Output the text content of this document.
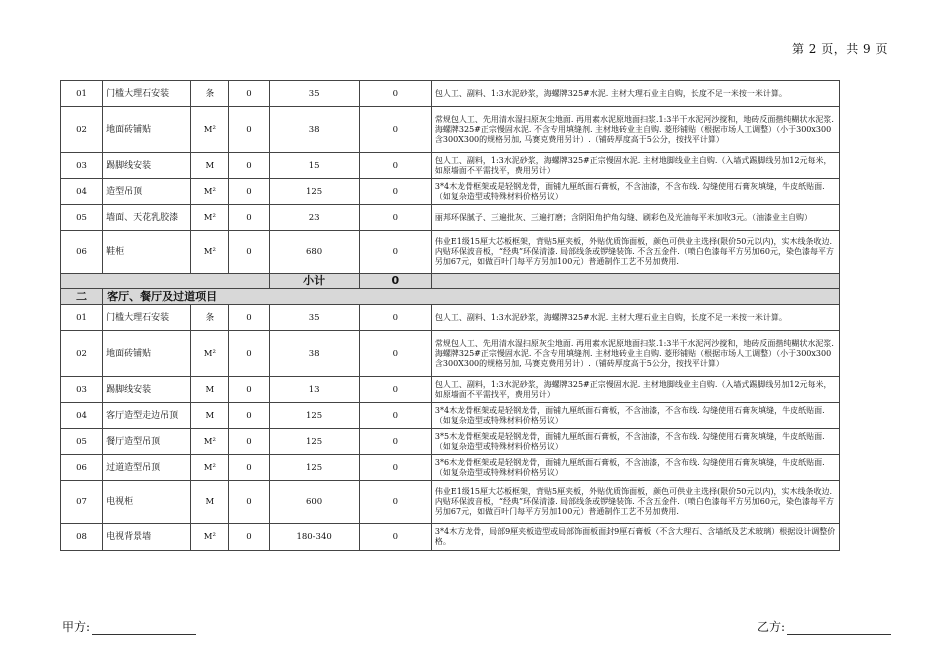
第 2 页，共 9 页
01	门槛大理石安装	条	0	35	0	包人工、副料、1:3水泥砂浆，海螺牌325#水泥. 主材大理石业主自购，长度不足一米按一米计算。
02	地面砖铺贴	M²	0	38	0	常规包人工、先用清水湿扫原灰尘地面. 再用素水泥原地面扫浆.1:3半干水泥河沙搅和，地砖反面揩纯糊状水泥浆. 海螺牌325#正宗慢固水泥. 不含专用填缝剂. 主材地砖业主自购. 菱形铺贴（根据市场人工调整）（小于300x300含300X300的规格另加, 马赛克费用另计）.（铺砖厚度高于5公分，按找平计算）
03	踢脚线安装	M	0	15	0	包人工、副料，1:3水泥砂浆，海螺牌325#正宗慢固水泥. 主材地脚线业主自购.（入墙式踢脚线另加12元每米，如原墙面不平需找平，费用另计）
04	造型吊顶	M²	0	125	0	3*4木龙骨框架或是轻钢龙骨，面铺九厘纸面石膏板，不含油漆，不含布线. 勾缝使用石膏灰填缝，牛皮纸贴面.（如复杂造型或特殊材料价格另议）
05	墙面、天花乳胶漆	M²	0	23	0	丽邦环保腻子、三遍批灰、三遍打磨；含阴阳角护角勾缝、刷彩色及光油每平米加收3元。（油漆业主自购）
06	鞋柜	M²	0	680	0	伟业E1级15厘大芯板框架，背贴5厘夹板，外贴优质饰面板，颜色可供业主选择(限价50元以内)，实木线条收边. 内贴环保波音板，“经典”环保清漆. 局部线条或锣缝装饰. 不含五金件.（喷白色漆每平方另加60元，染色漆每平方另加67元，如做百叶门每平方另加100元）普通制作工艺不另加费用.
				小计	0	
二	客厅、餐厅及过道项目					
01	门槛大理石安装	条	0	35	0	包人工、副料、1:3水泥砂浆，海螺牌325#水泥. 主材大理石业主自购，长度不足一米按一米计算。
02	地面砖铺贴	M²	0	38	0	常规包人工、先用清水湿扫原灰尘地面. 再用素水泥原地面扫浆.1:3半干水泥河沙搅和，地砖反面揩纯糊状水泥浆. 海螺牌325#正宗慢固水泥. 不含专用填缝剂. 主材地砖业主自购. 菱形铺贴（根据市场人工调整）（小于300x300含300X300的规格另加, 马赛克费用另计）.（铺砖厚度高于5公分，按找平计算）
03	踢脚线安装	M	0	13	0	包人工、副料，1:3水泥砂浆，海螺牌325#正宗慢固水泥. 主材地脚线业主自购.（入墙式踢脚线另加12元每米，如原墙面不平需找平，费用另计）
04	客厅造型走边吊顶	M	0	125	0	3*4木龙骨框架或是轻钢龙骨，面铺九厘纸面石膏板，不含油漆，不含布线. 勾缝使用石膏灰填缝，牛皮纸贴面.（如复杂造型或特殊材料价格另议）
05	餐厅造型吊顶	M²	0	125	0	3*5木龙骨框架或是轻钢龙骨，面铺九厘纸面石膏板，不含油漆，不含布线. 勾缝使用石膏灰填缝，牛皮纸贴面.（如复杂造型或特殊材料价格另议）
06	过道造型吊顶	M²	0	125	0	3*6木龙骨框架或是轻钢龙骨，面铺九厘纸面石膏板，不含油漆，不含布线. 勾缝使用石膏灰填缝，牛皮纸贴面.（如复杂造型或特殊材料价格另议）
07	电视柜	M	0	600	0	伟业E1级15厘大芯板框架，背贴5厘夹板，外贴优质饰面板，颜色可供业主选择(限价50元以内)，实木线条收边. 内贴环保波音板，“经典”环保清漆. 局部线条或锣缝装饰. 不含五金件.（喷白色漆每平方另加60元，染色漆每平方另加67元，如做百叶门每平方另加100元）普通制作工艺不另加费用.
08	电视背景墙	M²	0	180-340	0	3*4木方龙骨，局部9厘夹板造型或局部饰面板面封9厘石膏板（不含大理石、含墙纸及艺术玻璃）根据设计调整价格。
甲方:	乙方:
